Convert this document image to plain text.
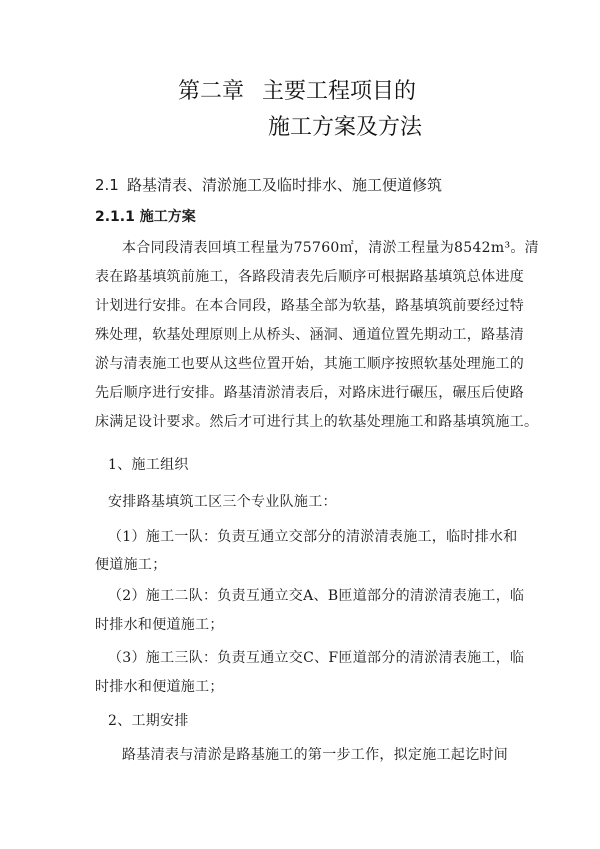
第二章 主要工程项目的
施工方案及方法
2.1 路基清表、清淤施工及临时排水、施工便道修筑
2.1.1 施工方案
本合同段清表回填工程量为75760㎡，清淤工程量为8542m³。清
表在路基填筑前施工，各路段清表先后顺序可根据路基填筑总体进度
计划进行安排。在本合同段，路基全部为软基，路基填筑前要经过特
殊处理，软基处理原则上从桥头、涵洞、通道位置先期动工，路基清
淤与清表施工也要从这些位置开始，其施工顺序按照软基处理施工的
先后顺序进行安排。路基清淤清表后，对路床进行碾压，碾压后使路
床满足设计要求。然后才可进行其上的软基处理施工和路基填筑施工。
1、施工组织
安排路基填筑工区三个专业队施工：
（1）施工一队：负责互通立交部分的清淤清表施工，临时排水和
便道施工；
（2）施工二队：负责互通立交A、B匝道部分的清淤清表施工，临
时排水和便道施工；
（3）施工三队：负责互通立交C、F匝道部分的清淤清表施工，临
时排水和便道施工；
2、工期安排
路基清表与清淤是路基施工的第一步工作，拟定施工起讫时间
